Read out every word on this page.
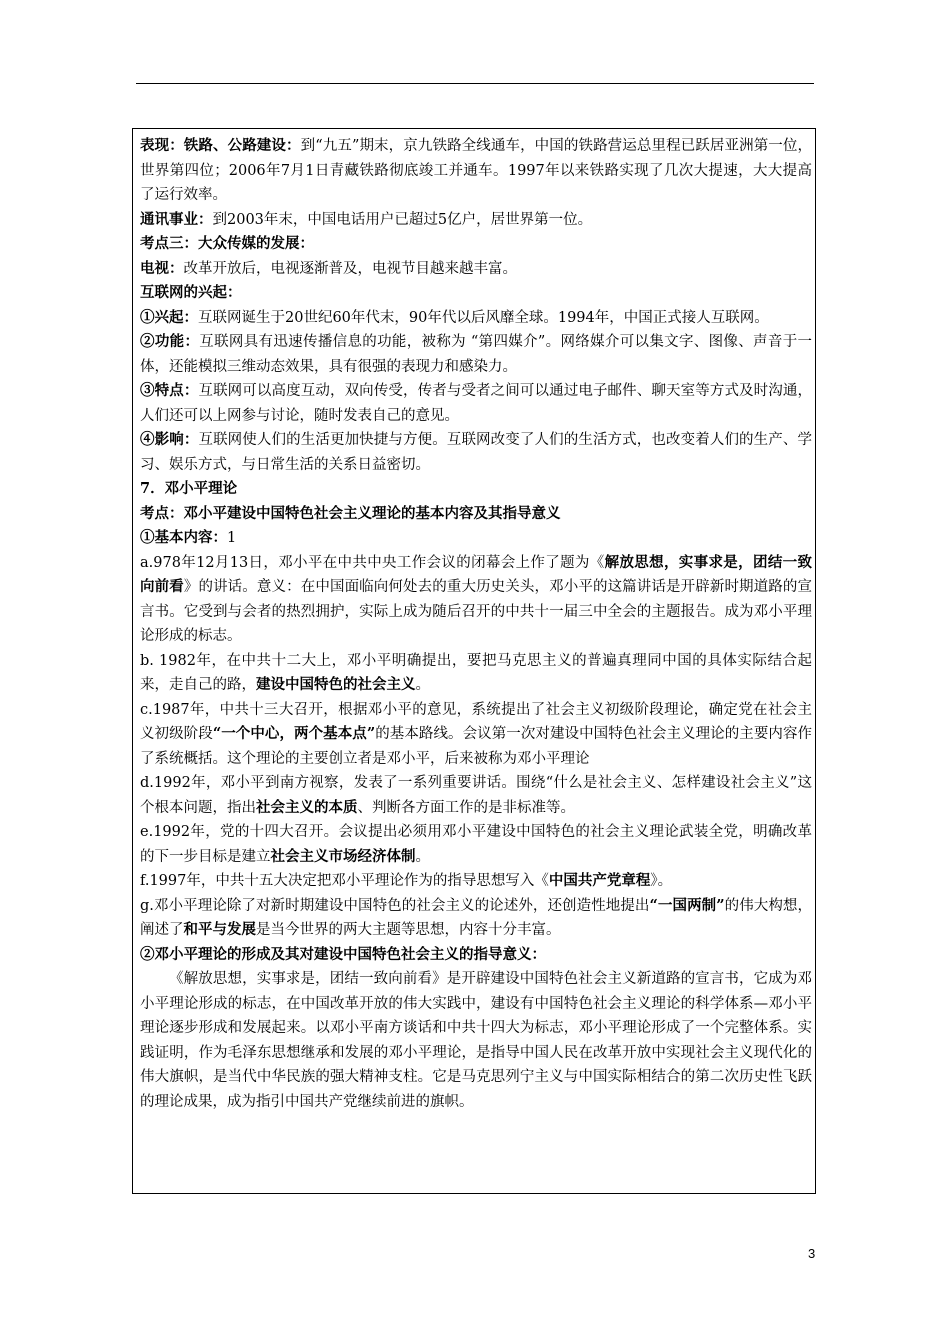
表现：铁路、公路建设：到“九五”期末，京九铁路全线通车，中国的铁路营运总里程已跃居亚洲第一位，世界第四位；2006年7月1日青藏铁路彻底竣工并通车。1997年以来铁路实现了几次大提速，大大提高了运行效率。

通讯事业：到2003年末，中国电话用户已超过5亿户，居世界第一位。

考点三：大众传媒的发展：

电视：改革开放后，电视逐渐普及，电视节目越来越丰富。

互联网的兴起：

①兴起：互联网诞生于20世纪60年代末，90年代以后风靡全球。1994年，中国正式接人互联网。

②功能：互联网具有迅速传播信息的功能，被称为 “第四媒介”。网络媒介可以集文字、图像、声音于一体，还能模拟三维动态效果，具有很强的表现力和感染力。

③特点：互联网可以高度互动，双向传受，传者与受者之间可以通过电子邮件、聊天室等方式及时沟通，人们还可以上网参与讨论，随时发表自己的意见。

④影响：互联网使人们的生活更加快捷与方便。互联网改变了人们的生活方式，也改变着人们的生产、学习、娱乐方式，与日常生活的关系日益密切。

7．邓小平理论

考点：邓小平建设中国特色社会主义理论的基本内容及其指导意义

①基本内容：1

a.978年12月13日，邓小平在中共中央工作会议的闭幕会上作了题为《解放思想，实事求是，团结一致向前看》的讲话。意义：在中国面临向何处去的重大历史关头，邓小平的这篇讲话是开辟新时期道路的宣言书。它受到与会者的热烈拥护，实际上成为随后召开的中共十一届三中全会的主题报告。成为邓小平理论形成的标志。

b. 1982年，在中共十二大上，邓小平明确提出，要把马克思主义的普遍真理同中国的具体实际结合起来，走自己的路，建设中国特色的社会主义。

c.1987年，中共十三大召开，根据邓小平的意见，系统提出了社会主义初级阶段理论，确定党在社会主义初级阶段“一个中心，两个基本点”的基本路线。会议第一次对建设中国特色社会主义理论的主要内容作了系统概括。这个理论的主要创立者是邓小平，后来被称为邓小平理论

d.1992年，邓小平到南方视察，发表了一系列重要讲话。围绕“什么是社会主义、怎样建设社会主义”这个根本问题，指出社会主义的本质、判断各方面工作的是非标准等。

e.1992年，党的十四大召开。会议提出必须用邓小平建设中国特色的社会主义理论武装全党，明确改革的下一步目标是建立社会主义市场经济体制。

f.1997年，中共十五大决定把邓小平理论作为的指导思想写入《中国共产党章程》。

g.邓小平理论除了对新时期建设中国特色的社会主义的论述外，还创造性地提出“一国两制”的伟大构想，阐述了和平与发展是当今世界的两大主题等思想，内容十分丰富。

②邓小平理论的形成及其对建设中国特色社会主义的指导意义：

《解放思想，实事求是，团结一致向前看》是开辟建设中国特色社会主义新道路的宣言书，它成为邓小平理论形成的标志，在中国改革开放的伟大实践中，建设有中国特色社会主义理论的科学体系—邓小平理论逐步形成和发展起来。以邓小平南方谈话和中共十四大为标志，邓小平理论形成了一个完整体系。实践证明，作为毛泽东思想继承和发展的邓小平理论，是指导中国人民在改革开放中实现社会主义现代化的伟大旗帜，是当代中华民族的强大精神支柱。它是马克思列宁主义与中国实际相结合的第二次历史性飞跃的理论成果，成为指引中国共产党继续前进的旗帜。

3
